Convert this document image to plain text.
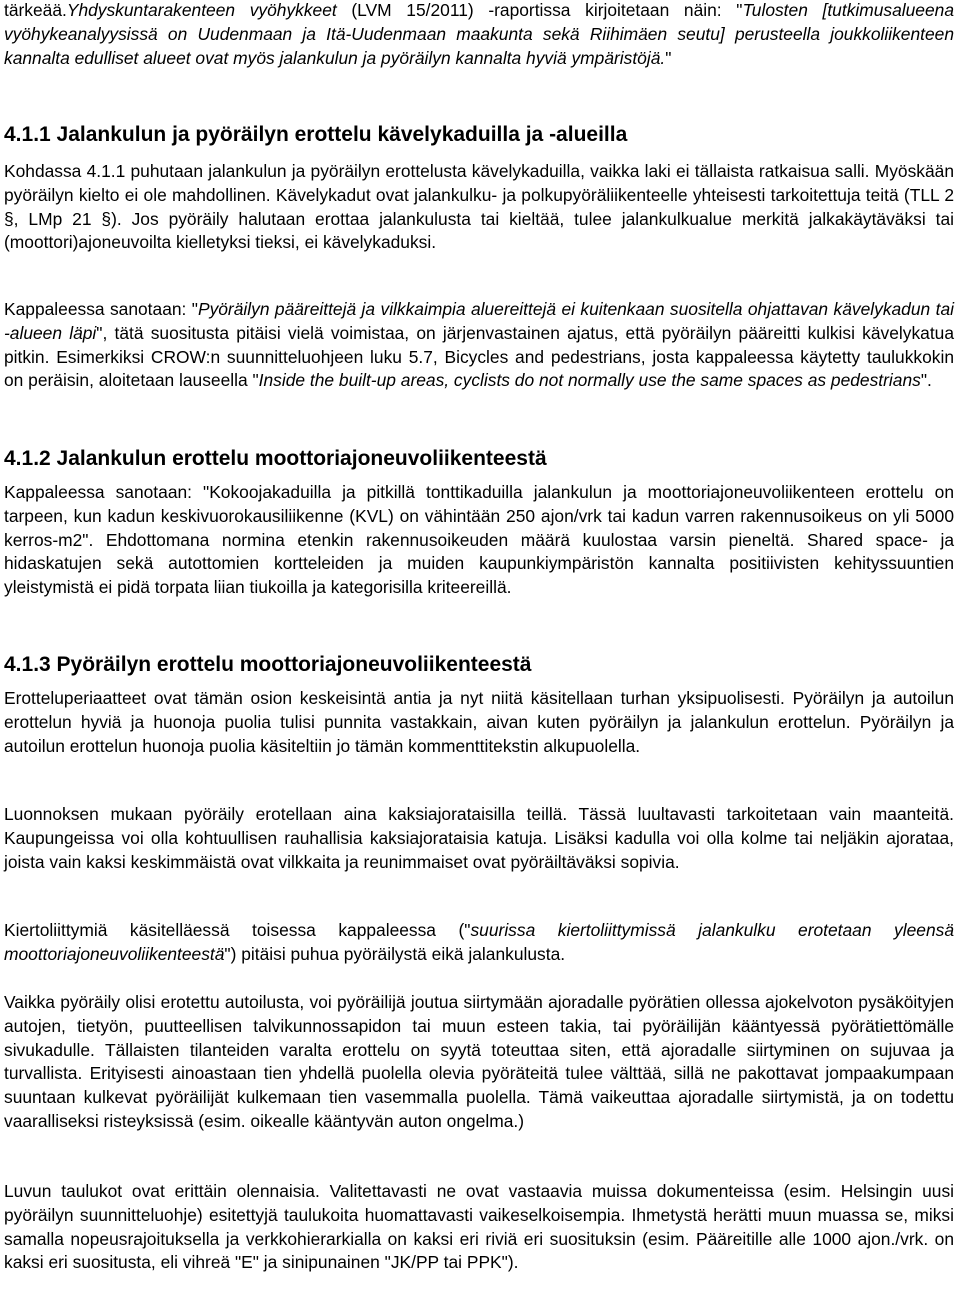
tärkeää.Yhdyskuntarakenteen vyöhykkeet (LVM 15/2011) -raportissa kirjoitetaan näin: "Tulosten [tutkimusalueena vyöhykeanalyysissä on Uudenmaan ja Itä-Uudenmaan maakunta sekä Riihimäen seutu] perusteella joukkoliikenteen kannalta edulliset alueet ovat myös jalankulun ja pyöräilyn kannalta hyviä ympäristöjä."

4.1.1 Jalankulun ja pyöräilyn erottelu kävelykaduilla ja -alueilla

Kohdassa 4.1.1 puhutaan jalankulun ja pyöräilyn erottelusta kävelykaduilla, vaikka laki ei tällaista ratkaisua salli. Myöskään pyöräilyn kielto ei ole mahdollinen. Kävelykadut ovat jalankulku- ja polkupyöräliikenteelle yhteisesti tarkoitettuja teitä (TLL 2 §, LMp 21 §). Jos pyöräily halutaan erottaa jalankulusta tai kieltää, tulee jalankulkualue merkitä jalkakäytäväksi tai (moottori)ajoneuvoilta kielletyksi tieksi, ei kävelykaduksi.

Kappaleessa sanotaan: "Pyöräilyn pääreittejä ja vilkkaimpia aluereittejä ei kuitenkaan suositella ohjattavan kävelykadun tai -alueen läpi", tätä suositusta pitäisi vielä voimistaa, on järjenvastainen ajatus, että pyöräilyn pääreitti kulkisi kävelykatua pitkin. Esimerkiksi CROW:n suunnitteluohjeen luku 5.7, Bicycles and pedestrians, josta kappaleessa käytetty taulukkokin on peräisin, aloitetaan lauseella "Inside the built-up areas, cyclists do not normally use the same spaces as pedestrians".

4.1.2 Jalankulun erottelu moottoriajoneuvoliikenteestä

Kappaleessa sanotaan: "Kokoojakaduilla ja pitkillä tonttikaduilla jalankulun ja moottoriajoneuvoliikenteen erottelu on tarpeen, kun kadun keskivuorokausiliikenne (KVL) on vähintään 250 ajon/vrk tai kadun varren rakennusoikeus on yli 5000 kerros-m2". Ehdottomana normina etenkin rakennusoikeuden määrä kuulostaa varsin pieneltä. Shared space- ja hidaskatujen sekä autottomien kortteleiden ja muiden kaupunkiympäristön kannalta positiivisten kehityssuuntien yleistymistä ei pidä torpata liian tiukoilla ja kategorisilla kriteereillä.

4.1.3 Pyöräilyn erottelu moottoriajoneuvoliikenteestä

Erotteluperiaatteet ovat tämän osion keskeisintä antia ja nyt niitä käsitellaan turhan yksipuolisesti. Pyöräilyn ja autoilun erottelun hyviä ja huonoja puolia tulisi punnita vastakkain, aivan kuten pyöräilyn ja jalankulun erottelun. Pyöräilyn ja autoilun erottelun huonoja puolia käsiteltiin jo tämän kommenttitekstin alkupuolella.

Luonnoksen mukaan pyöräily erotellaan aina kaksiajorataisilla teillä. Tässä luultavasti tarkoitetaan vain maanteitä. Kaupungeissa voi olla kohtuullisen rauhallisia kaksiajorataisia katuja. Lisäksi kadulla voi olla kolme tai neljäkin ajorataa, joista vain kaksi keskimmäistä ovat vilkkaita ja reunimmaiset ovat pyöräiltäväksi sopivia.

Kiertoliittymiä käsitelläessä toisessa kappaleessa ("suurissa kiertoliittymissä jalankulku erotetaan yleensä moottoriajoneuvoliikenteestä") pitäisi puhua pyöräilystä eikä jalankulusta.

Vaikka pyöräily olisi erotettu autoilusta, voi pyöräilijä joutua siirtymään ajoradalle pyörätien ollessa ajokelvoton pysäköityjen autojen, tietyön, puutteellisen talvikunnossapidon tai muun esteen takia, tai pyöräilijän kääntyessä pyörätiettömälle sivukadulle. Tällaisten tilanteiden varalta erottelu on syytä toteuttaa siten, että ajoradalle siirtyminen on sujuvaa ja turvallista. Erityisesti ainoastaan tien yhdellä puolella olevia pyöräteitä tulee välttää, sillä ne pakottavat jompaakumpaan suuntaan kulkevat pyöräilijät kulkemaan tien vasemmalla puolella. Tämä vaikeuttaa ajoradalle siirtymistä, ja on todettu vaaralliseksi risteyksissä (esim. oikealle kääntyvän auton ongelma.)

Luvun taulukot ovat erittäin olennaisia. Valitettavasti ne ovat vastaavia muissa dokumenteissa (esim. Helsingin uusi pyöräilyn suunnitteluohje) esitettyjä taulukoita huomattavasti vaikeselkoisempia. Ihmetystä herätti muun muassa se, miksi samalla nopeusrajoituksella ja verkkohierarkialla on kaksi eri riviä eri suosituksin (esim. Pääreitille alle 1000 ajon./vrk. on kaksi eri suositusta, eli vihreä "E" ja sinipunainen "JK/PP tai PPK").
